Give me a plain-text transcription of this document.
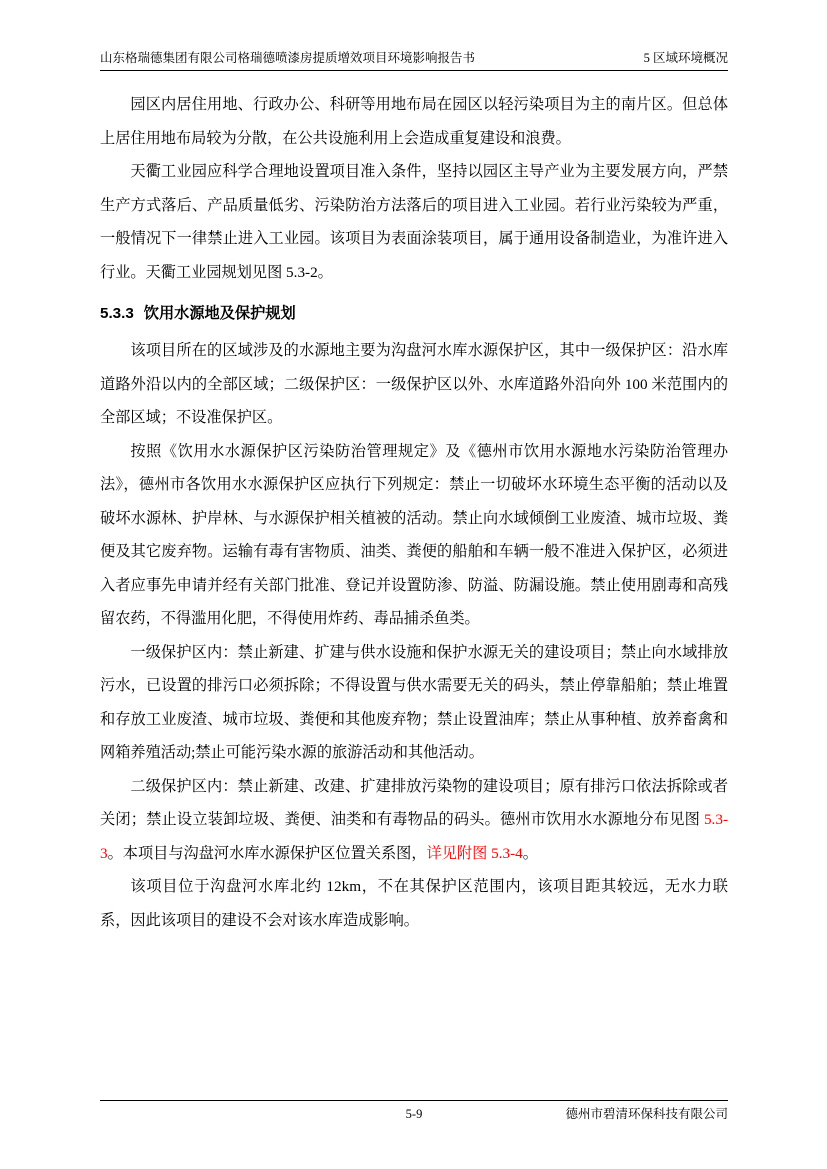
山东格瑞德集团有限公司格瑞德喷漆房提质增效项目环境影响报告书	5 区域环境概况

园区内居住用地、行政办公、科研等用地布局在园区以轻污染项目为主的南片区。但总体上居住用地布局较为分散，在公共设施利用上会造成重复建设和浪费。

天衢工业园应科学合理地设置项目准入条件，坚持以园区主导产业为主要发展方向，严禁生产方式落后、产品质量低劣、污染防治方法落后的项目进入工业园。若行业污染较为严重，一般情况下一律禁止进入工业园。该项目为表面涂装项目，属于通用设备制造业，为准许进入行业。天衢工业园规划见图 5.3-2。

5.3.3 饮用水源地及保护规划

该项目所在的区域涉及的水源地主要为沟盘河水库水源保护区，其中一级保护区：沿水库道路外沿以内的全部区域；二级保护区：一级保护区以外、水库道路外沿向外 100 米范围内的全部区域；不设准保护区。

按照《饮用水水源保护区污染防治管理规定》及《德州市饮用水源地水污染防治管理办法》，德州市各饮用水水源保护区应执行下列规定：禁止一切破坏水环境生态平衡的活动以及破坏水源林、护岸林、与水源保护相关植被的活动。禁止向水域倾倒工业废渣、城市垃圾、粪便及其它废弃物。运输有毒有害物质、油类、粪便的船舶和车辆一般不准进入保护区，必须进入者应事先申请并经有关部门批准、登记并设置防渗、防溢、防漏设施。禁止使用剧毒和高残留农药，不得滥用化肥，不得使用炸药、毒品捕杀鱼类。

一级保护区内：禁止新建、扩建与供水设施和保护水源无关的建设项目；禁止向水域排放污水，已设置的排污口必须拆除；不得设置与供水需要无关的码头，禁止停靠船舶；禁止堆置和存放工业废渣、城市垃圾、粪便和其他废弃物；禁止设置油库；禁止从事种植、放养畜禽和网箱养殖活动;禁止可能污染水源的旅游活动和其他活动。

二级保护区内：禁止新建、改建、扩建排放污染物的建设项目；原有排污口依法拆除或者关闭；禁止设立装卸垃圾、粪便、油类和有毒物品的码头。德州市饮用水水源地分布见图 5.3-3。本项目与沟盘河水库水源保护区位置关系图，详见附图 5.3-4。

该项目位于沟盘河水库北约 12km，不在其保护区范围内，该项目距其较远，无水力联系，因此该项目的建设不会对该水库造成影响。

5-9	德州市碧清环保科技有限公司
